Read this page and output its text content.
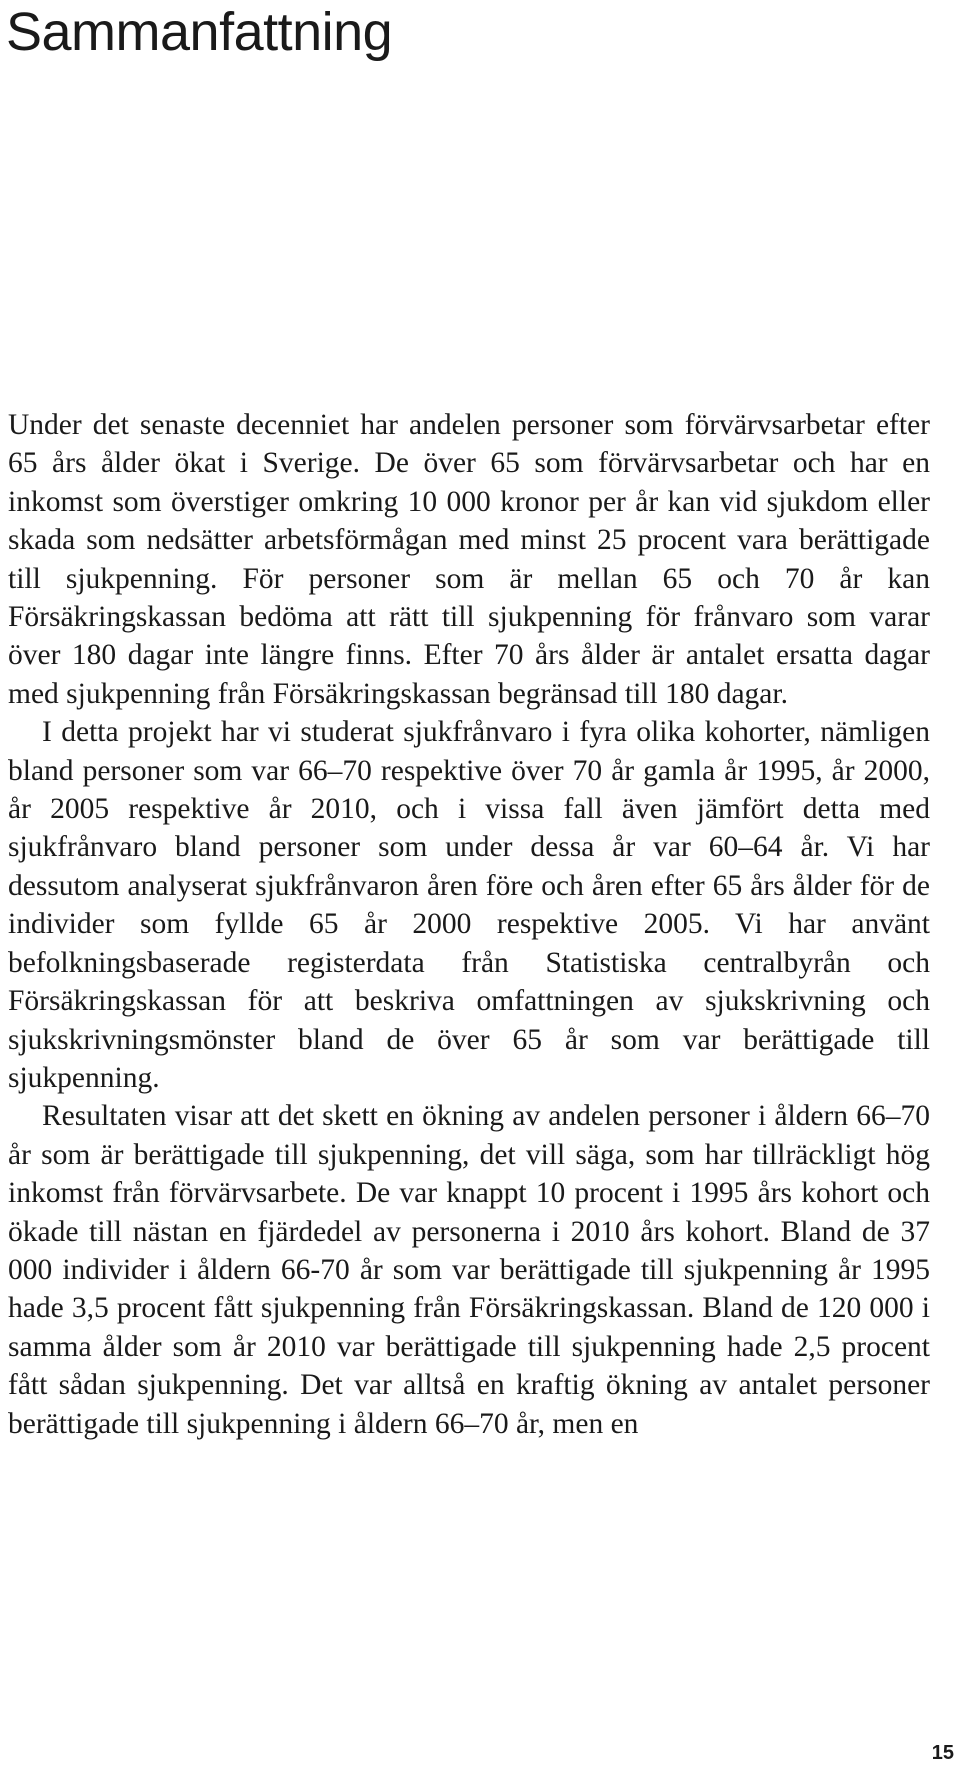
Sammanfattning

Under det senaste decenniet har andelen personer som förvärvsarbetar efter 65 års ålder ökat i Sverige. De över 65 som förvärvsarbetar och har en inkomst som överstiger omkring 10 000 kronor per år kan vid sjukdom eller skada som nedsätter arbetsförmågan med minst 25 procent vara berättigade till sjukpenning. För personer som är mellan 65 och 70 år kan Försäkringskassan bedöma att rätt till sjukpenning för frånvaro som varar över 180 dagar inte längre finns. Efter 70 års ålder är antalet ersatta dagar med sjukpenning från Försäkringskassan begränsad till 180 dagar.

I detta projekt har vi studerat sjukfrånvaro i fyra olika kohorter, nämligen bland personer som var 66–70 respektive över 70 år gamla år 1995, år 2000, år 2005 respektive år 2010, och i vissa fall även jämfört detta med sjukfrånvaro bland personer som under dessa år var 60–64 år. Vi har dessutom analyserat sjukfrånvaron åren före och åren efter 65 års ålder för de individer som fyllde 65 år 2000 respektive 2005. Vi har använt befolkningsbaserade registerdata från Statistiska centralbyrån och Försäkringskassan för att beskriva omfattningen av sjukskrivning och sjukskrivningsmönster bland de över 65 år som var berättigade till sjukpenning.

Resultaten visar att det skett en ökning av andelen personer i åldern 66–70 år som är berättigade till sjukpenning, det vill säga, som har tillräckligt hög inkomst från förvärvsarbete. De var knappt 10 procent i 1995 års kohort och ökade till nästan en fjärdedel av personerna i 2010 års kohort. Bland de 37 000 individer i åldern 66-70 år som var berättigade till sjukpenning år 1995 hade 3,5 procent fått sjukpenning från Försäkringskassan. Bland de 120 000 i samma ålder som år 2010 var berättigade till sjukpenning hade 2,5 procent fått sådan sjukpenning. Det var alltså en kraftig ökning av antalet personer berättigade till sjukpenning i åldern 66–70 år, men en

15
